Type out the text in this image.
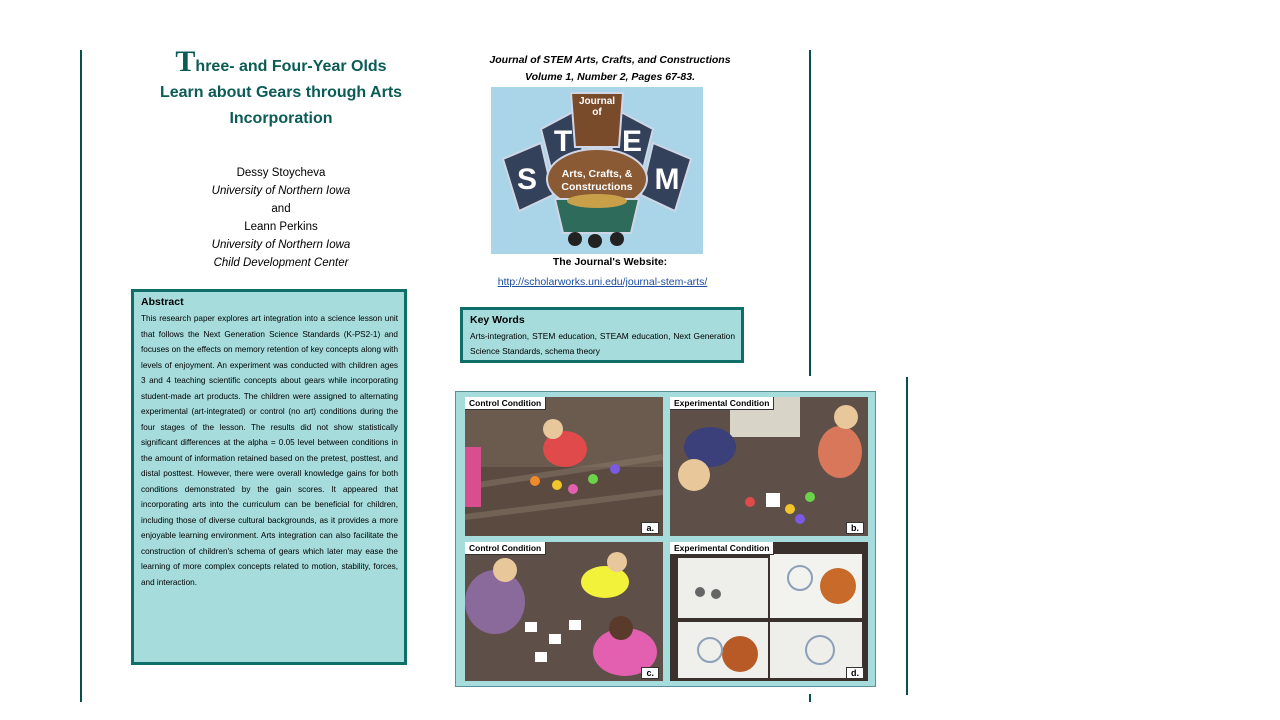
Three- and Four-Year Olds
Learn about Gears through Arts
Incorporation
Dessy Stoycheva
University of Northern Iowa
and
Leann Perkins
University of Northern Iowa
Child Development Center
Abstract

This research paper explores art integration into a science lesson unit that follows the Next Generation Science Standards (K-PS2-1) and focuses on the effects on memory retention of key concepts along with levels of enjoyment. An experiment was conducted with children ages 3 and 4 teaching scientific concepts about gears while incorporating student-made art products. The children were assigned to alternating experimental (art-integrated) or control (no art) conditions during the four stages of the lesson. The results did not show statistically significant differences at the alpha = 0.05 level between conditions in the amount of information retained based on the pretest, posttest, and distal posttest. However, there were overall knowledge gains for both conditions demonstrated by the gain scores. It appeared that incorporating arts into the curriculum can be beneficial for children, including those of diverse cultural backgrounds, as it provides a more enjoyable learning environment. Arts integration can also facilitate the construction of children's schema of gears which later may ease the learning of more complex concepts related to motion, stability, forces, and interaction.

Journal of STEM Arts, Crafts, and Constructions
Volume 1, Number 2, Pages 67-83.
Journal
of
S
T E
M
Arts, Crafts, &
Constructions
The Journal's Website:
http://scholarworks.uni.edu/journal-stem-arts/
Key Words

Arts-integration, STEM education, STEAM education, Next Generation Science Standards, schema theory

Control Condition
a.
Experimental Condition
b.
Control Condition
c.
Experimental Condition
d.
